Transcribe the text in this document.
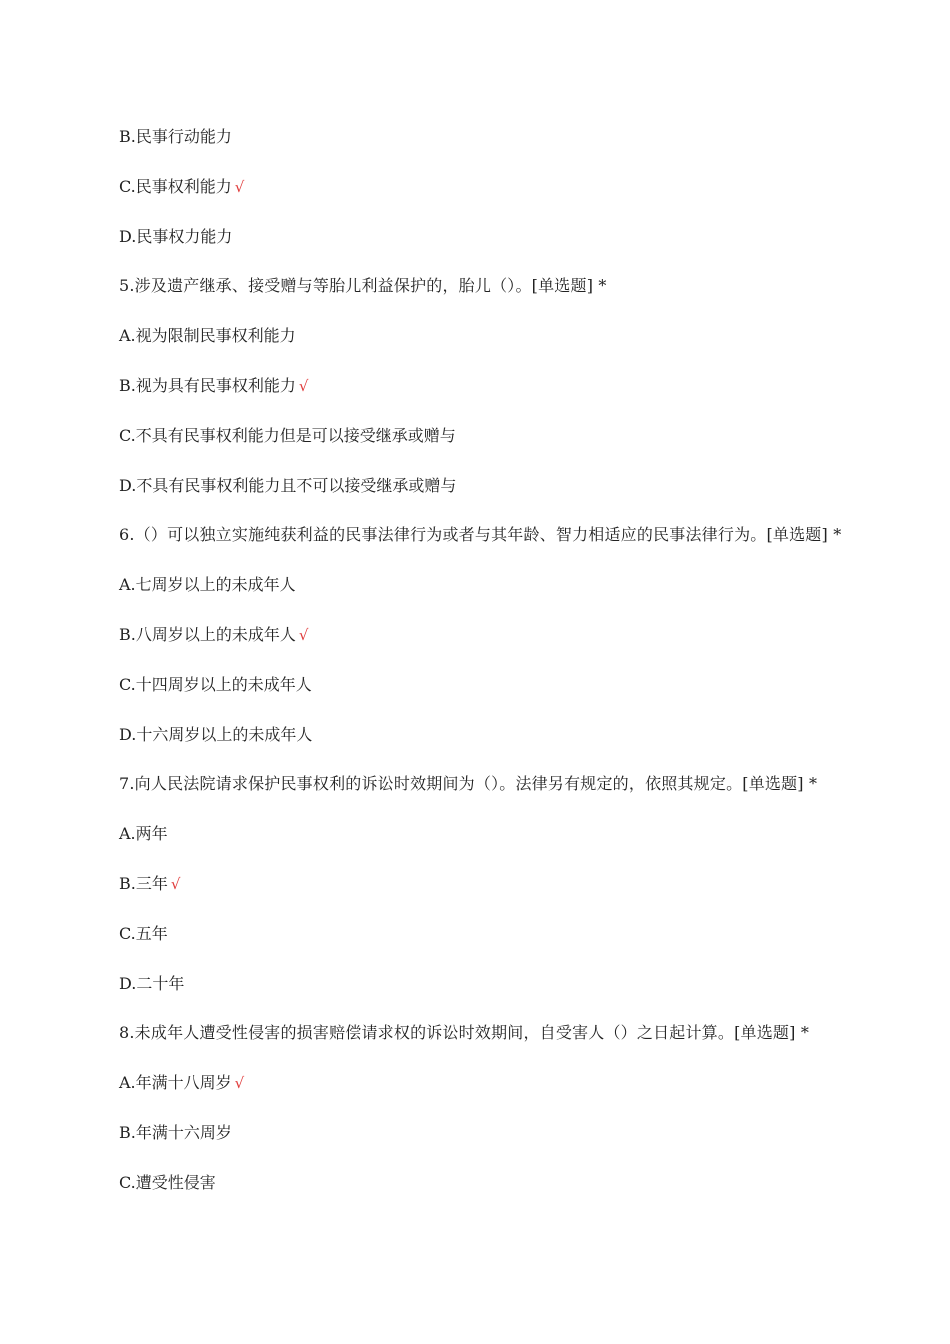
B.民事行动能力
C.民事权利能力 √
D.民事权力能力
5.涉及遗产继承、接受赠与等胎儿利益保护的，胎儿（）。[单选题] *
A.视为限制民事权利能力
B.视为具有民事权利能力 √
C.不具有民事权利能力但是可以接受继承或赠与
D.不具有民事权利能力且不可以接受继承或赠与
6.（）可以独立实施纯获利益的民事法律行为或者与其年龄、智力相适应的民事法律行为。[单选题] *
A.七周岁以上的未成年人
B.八周岁以上的未成年人 √
C.十四周岁以上的未成年人
D.十六周岁以上的未成年人
7.向人民法院请求保护民事权利的诉讼时效期间为（）。法律另有规定的，依照其规定。[单选题] *
A.两年
B.三年 √
C.五年
D.二十年
8.未成年人遭受性侵害的损害赔偿请求权的诉讼时效期间，自受害人（）之日起计算。[单选题] *
A.年满十八周岁 √
B.年满十六周岁
C.遭受性侵害
